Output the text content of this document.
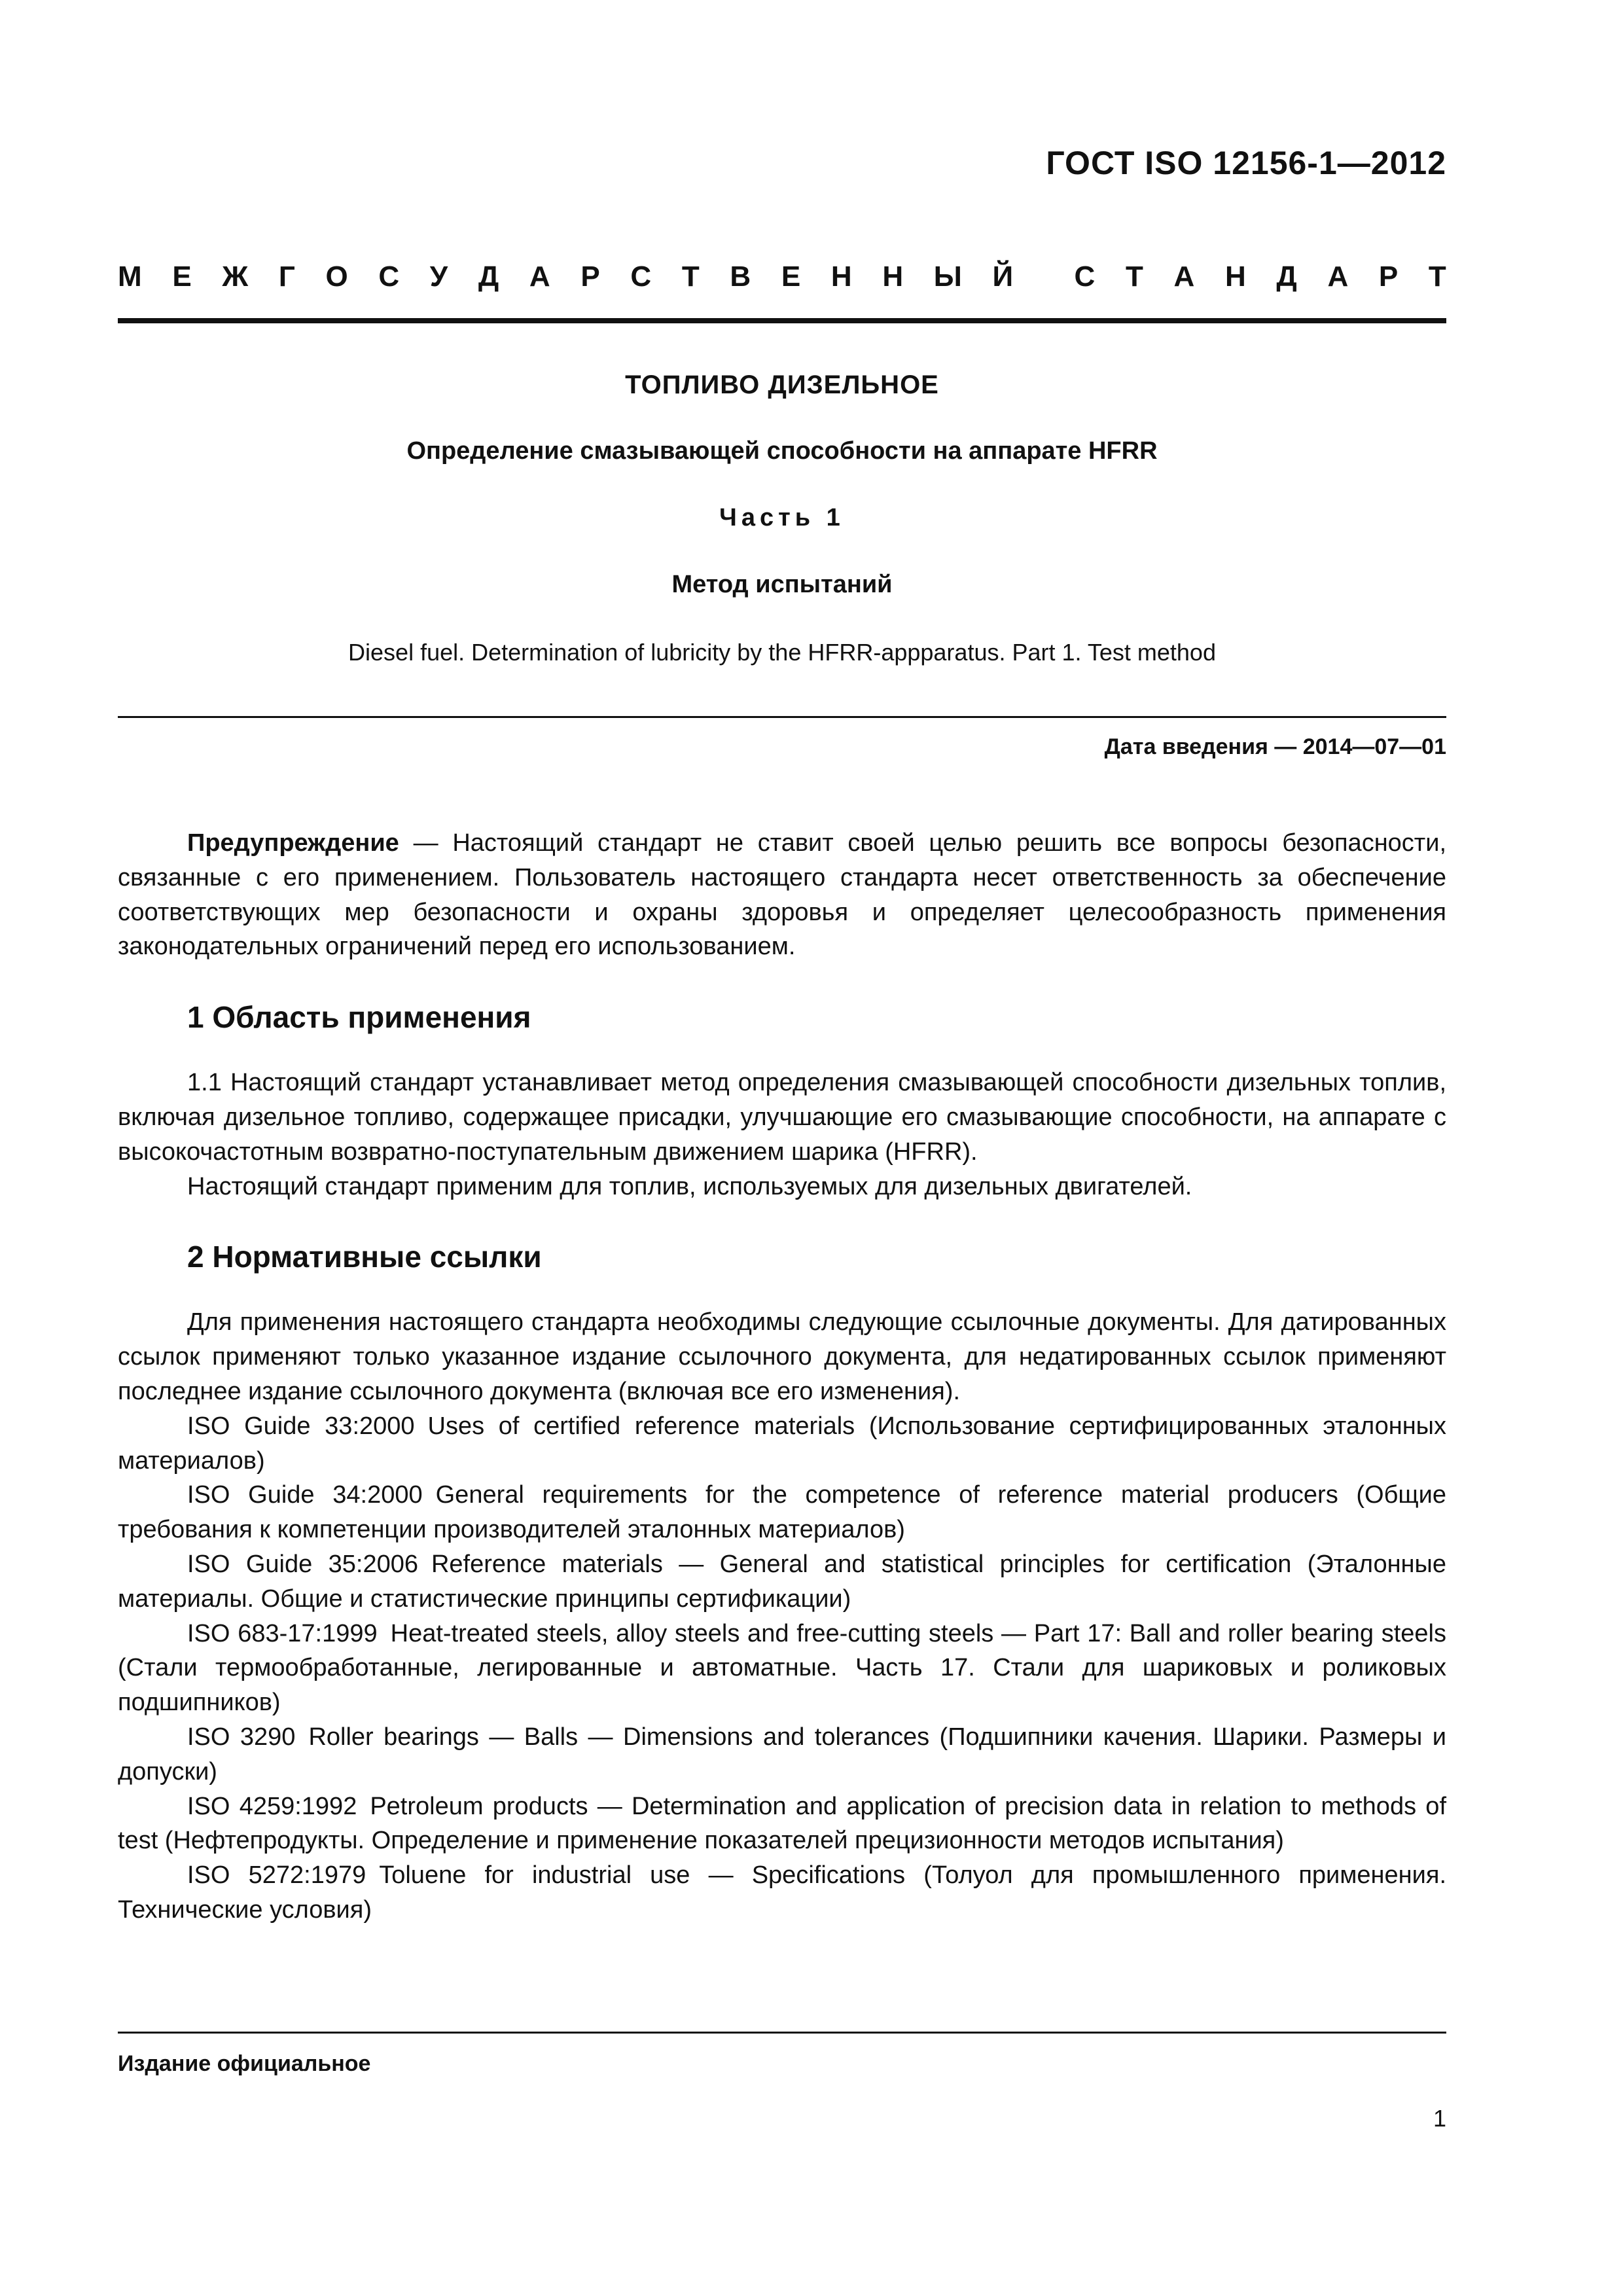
ГОСТ ISO 12156-1—2012
М Е Ж Г О С У Д А Р С Т В Е Н Н Ы Й С Т А Н Д А Р Т
ТОПЛИВО ДИЗЕЛЬНОЕ
Определение смазывающей способности на аппарате HFRR
Часть 1
Метод испытаний
Diesel fuel. Determination of lubricity by the HFRR-appparatus. Part 1. Test method
Дата введения — 2014—07—01

Предупреждение — Настоящий стандарт не ставит своей целью решить все вопросы безопасности, связанные с его применением. Пользователь настоящего стандарта несет ответственность за обеспечение соответствующих мер безопасности и охраны здоровья и определяет целесообразность применения законодательных ограничений перед его использованием.

1 Область применения

1.1 Настоящий стандарт устанавливает метод определения смазывающей способности дизельных топлив, включая дизельное топливо, содержащее присадки, улучшающие его смазывающие способности, на аппарате с высокочастотным возвратно-поступательным движением шарика (HFRR).

Настоящий стандарт применим для топлив, используемых для дизельных двигателей.

2 Нормативные ссылки

Для применения настоящего стандарта необходимы следующие ссылочные документы. Для датированных ссылок применяют только указанное издание ссылочного документа, для недатированных ссылок применяют последнее издание ссылочного документа (включая все его изменения).

ISO Guide 33:2000 Uses of certified reference materials (Использование сертифицированных эталонных материалов)

ISO Guide 34:2000 General requirements for the competence of reference material producers (Общие требования к компетенции производителей эталонных материалов)

ISO Guide 35:2006 Reference materials — General and statistical principles for certification (Эталонные материалы. Общие и статистические принципы сертификации)

ISO 683-17:1999 Heat-treated steels, alloy steels and free-cutting steels — Part 17: Ball and roller bearing steels (Стали термообработанные, легированные и автоматные. Часть 17. Стали для шариковых и роликовых подшипников)

ISO 3290 Roller bearings — Balls — Dimensions and tolerances (Подшипники качения. Шарики. Размеры и допуски)

ISO 4259:1992 Petroleum products — Determination and application of precision data in relation to methods of test (Нефтепродукты. Определение и применение показателей прецизионности методов испытания)

ISO 5272:1979 Toluene for industrial use — Specifications (Толуол для промышленного применения. Технические условия)

Издание официальное
1
